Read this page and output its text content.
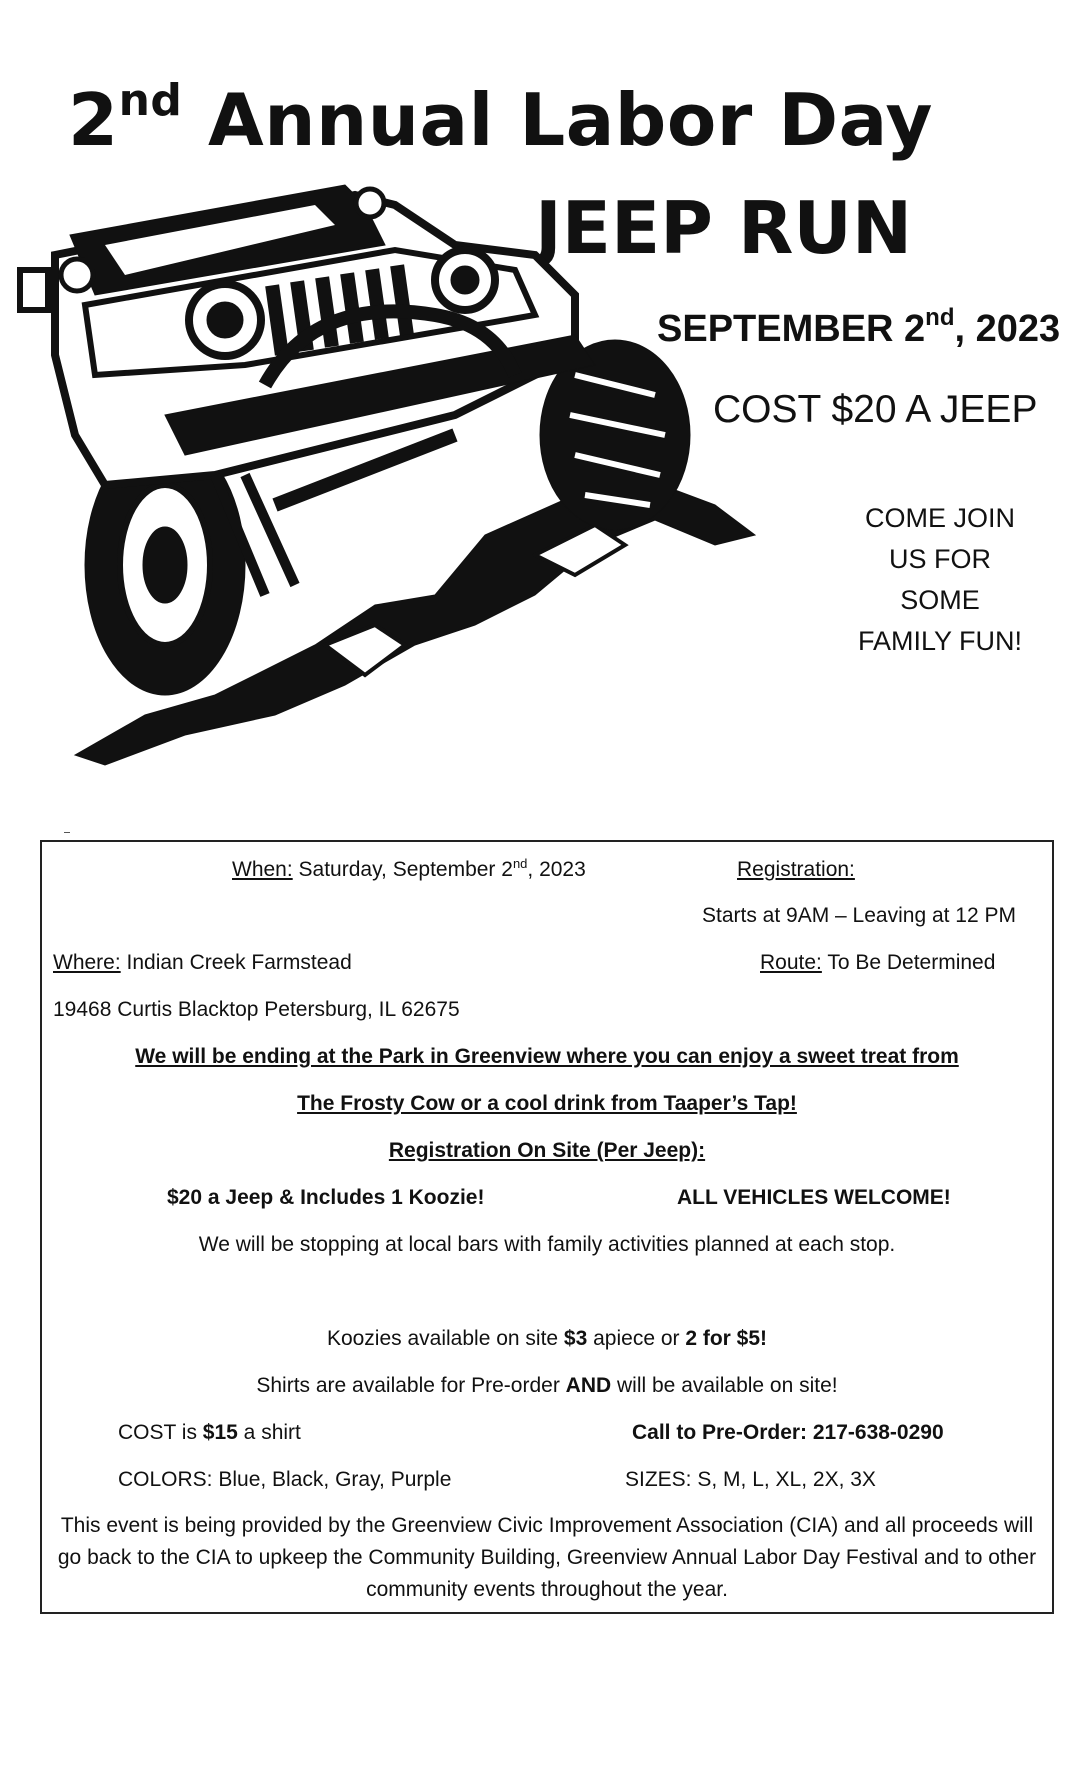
2nd Annual Labor Day
JEEP RUN
SEPTEMBER 2nd, 2023
COST $20 A JEEP
COME JOIN
US FOR
SOME
FAMILY FUN!
When: Saturday, September 2nd, 2023	Registration:
Starts at 9AM – Leaving at 12 PM
Where: Indian Creek Farmstead	Route: To Be Determined
19468 Curtis Blacktop Petersburg, IL 62675
We will be ending at the Park in Greenview where you can enjoy a sweet treat from
The Frosty Cow or a cool drink from Taaper’s Tap!
Registration On Site (Per Jeep):
$20 a Jeep & Includes 1 Koozie!	ALL VEHICLES WELCOME!
We will be stopping at local bars with family activities planned at each stop.
Koozies available on site $3 apiece or 2 for $5!
Shirts are available for Pre-order AND will be available on site!
COST is $15 a shirt	Call to Pre-Order: 217-638-0290
COLORS: Blue, Black, Gray, Purple	SIZES: S, M, L, XL, 2X, 3X
This event is being provided by the Greenview Civic Improvement Association (CIA) and all proceeds will go back to the CIA to upkeep the Community Building, Greenview Annual Labor Day Festival and to other community events throughout the year.
